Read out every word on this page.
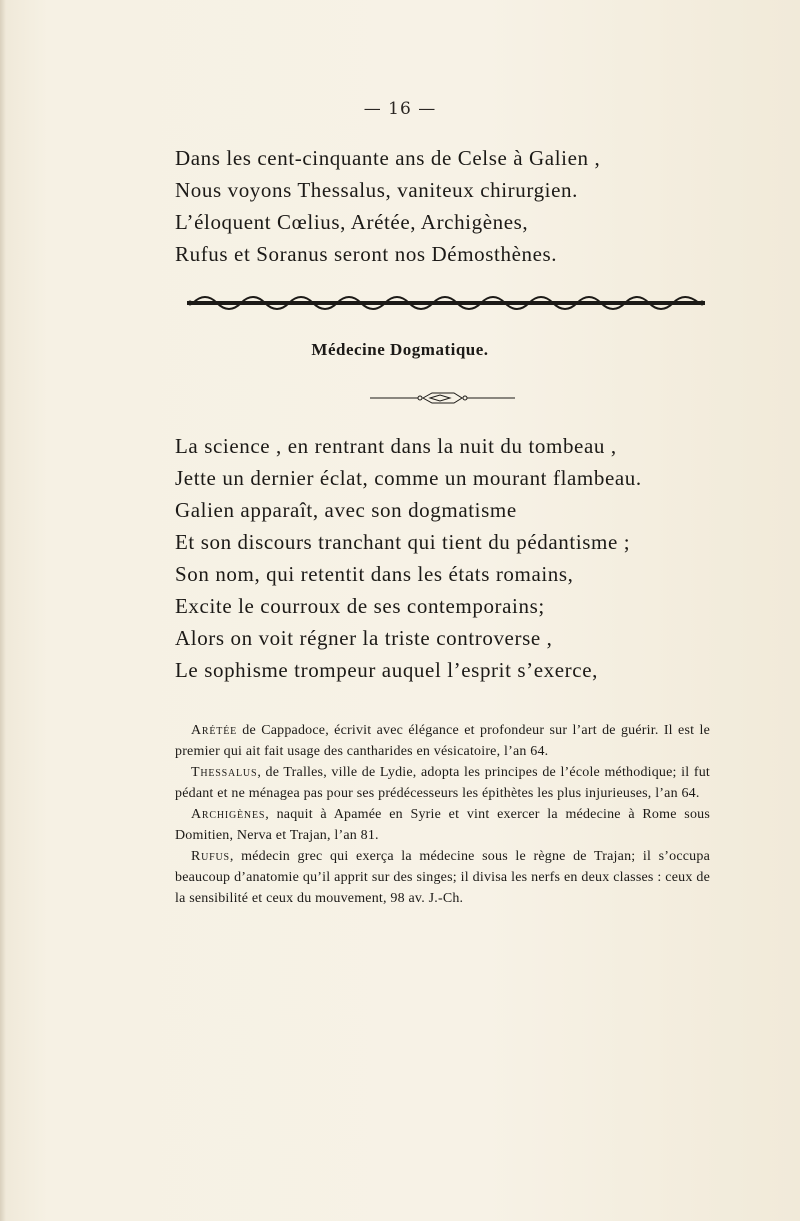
— 16 —
Dans les cent-cinquante ans de Celse à Galien ,
Nous voyons Thessalus, vaniteux chirurgien.
L’éloquent Cœlius, Arétée, Archigènes,
Rufus et Soranus seront nos Démosthènes.
Médecine Dogmatique.
La science , en rentrant dans la nuit du tombeau ,
Jette un dernier éclat, comme un mourant flambeau.
Galien apparaît, avec son dogmatisme
Et son discours tranchant qui tient du pédantisme ;
Son nom, qui retentit dans les états romains,
Excite le courroux de ses contemporains;
Alors on voit régner la triste controverse ,
Le sophisme trompeur auquel l’esprit s’exerce,

Arétée de Cappadoce, écrivit avec élégance et profondeur sur l’art de guérir. Il est le premier qui ait fait usage des cantharides en vésicatoire, l’an 64.

Thessalus, de Tralles, ville de Lydie, adopta les principes de l’école méthodique; il fut pédant et ne ménagea pas pour ses prédécesseurs les épithètes les plus injurieuses, l’an 64.

Archigènes, naquit à Apamée en Syrie et vint exercer la médecine à Rome sous Domitien, Nerva et Trajan, l’an 81.

Rufus, médecin grec qui exerça la médecine sous le règne de Trajan; il s’occupa beaucoup d’anatomie qu’il apprit sur des singes; il divisa les nerfs en deux classes : ceux de la sensibilité et ceux du mouvement, 98 av. J.-Ch.
